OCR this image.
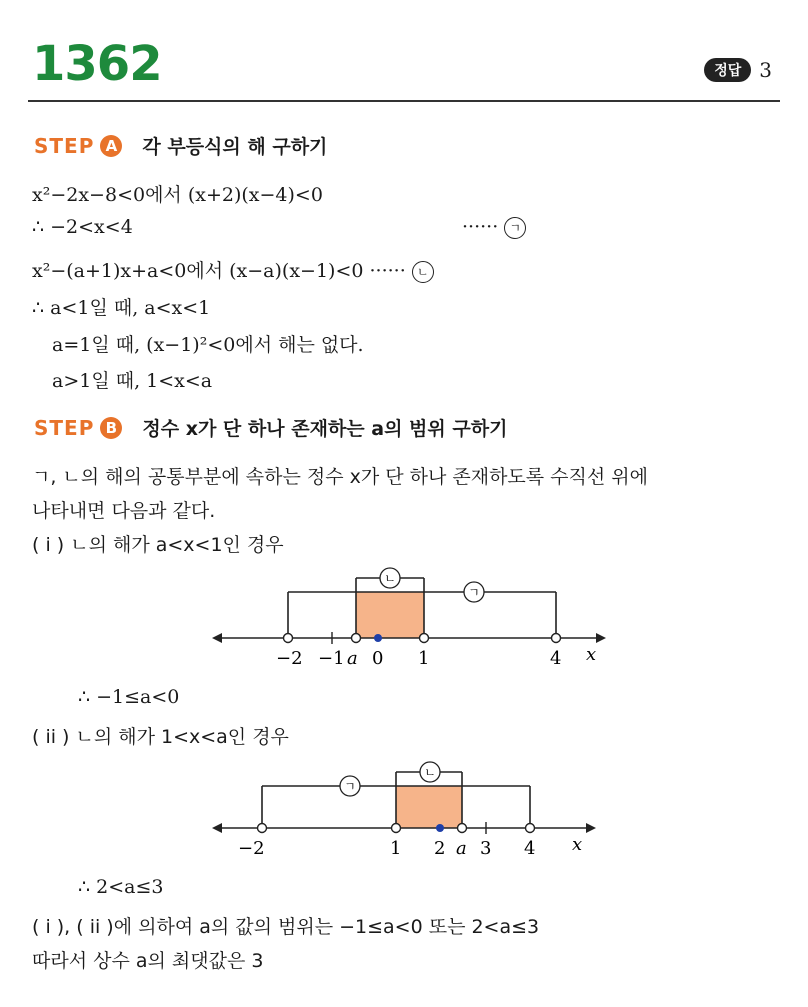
1362	정답 3
STEP A 각 부등식의 해 구하기
x²−2x−8<0에서 (x+2)(x−4)<0
∴ −2<x<4	······ ㄱ
x²−(a+1)x+a<0에서 (x−a)(x−1)<0 ······ ㄴ
∴ a<1일 때, a<x<1
a=1일 때, (x−1)²<0에서 해는 없다.
a>1일 때, 1<x<a
STEP B 정수 x가 단 하나 존재하는 a의 범위 구하기
ㄱ, ㄴ의 해의 공통부분에 속하는 정수 x가 단 하나 존재하도록 수직선 위에
나타내면 다음과 같다.
( i ) ㄴ의 해가 a<x<1인 경우
ㄴ
ㄱ
−2 −1 a 0 1	4 x
∴ −1≤a<0
( ii ) ㄴ의 해가 1<x<a인 경우
ㄴ
ㄱ
−2	1 2 a 3 4 x
∴ 2<a≤3
( i ), ( ii )에 의하여 a의 값의 범위는 −1≤a<0 또는 2<a≤3
따라서 상수 a의 최댓값은 3
